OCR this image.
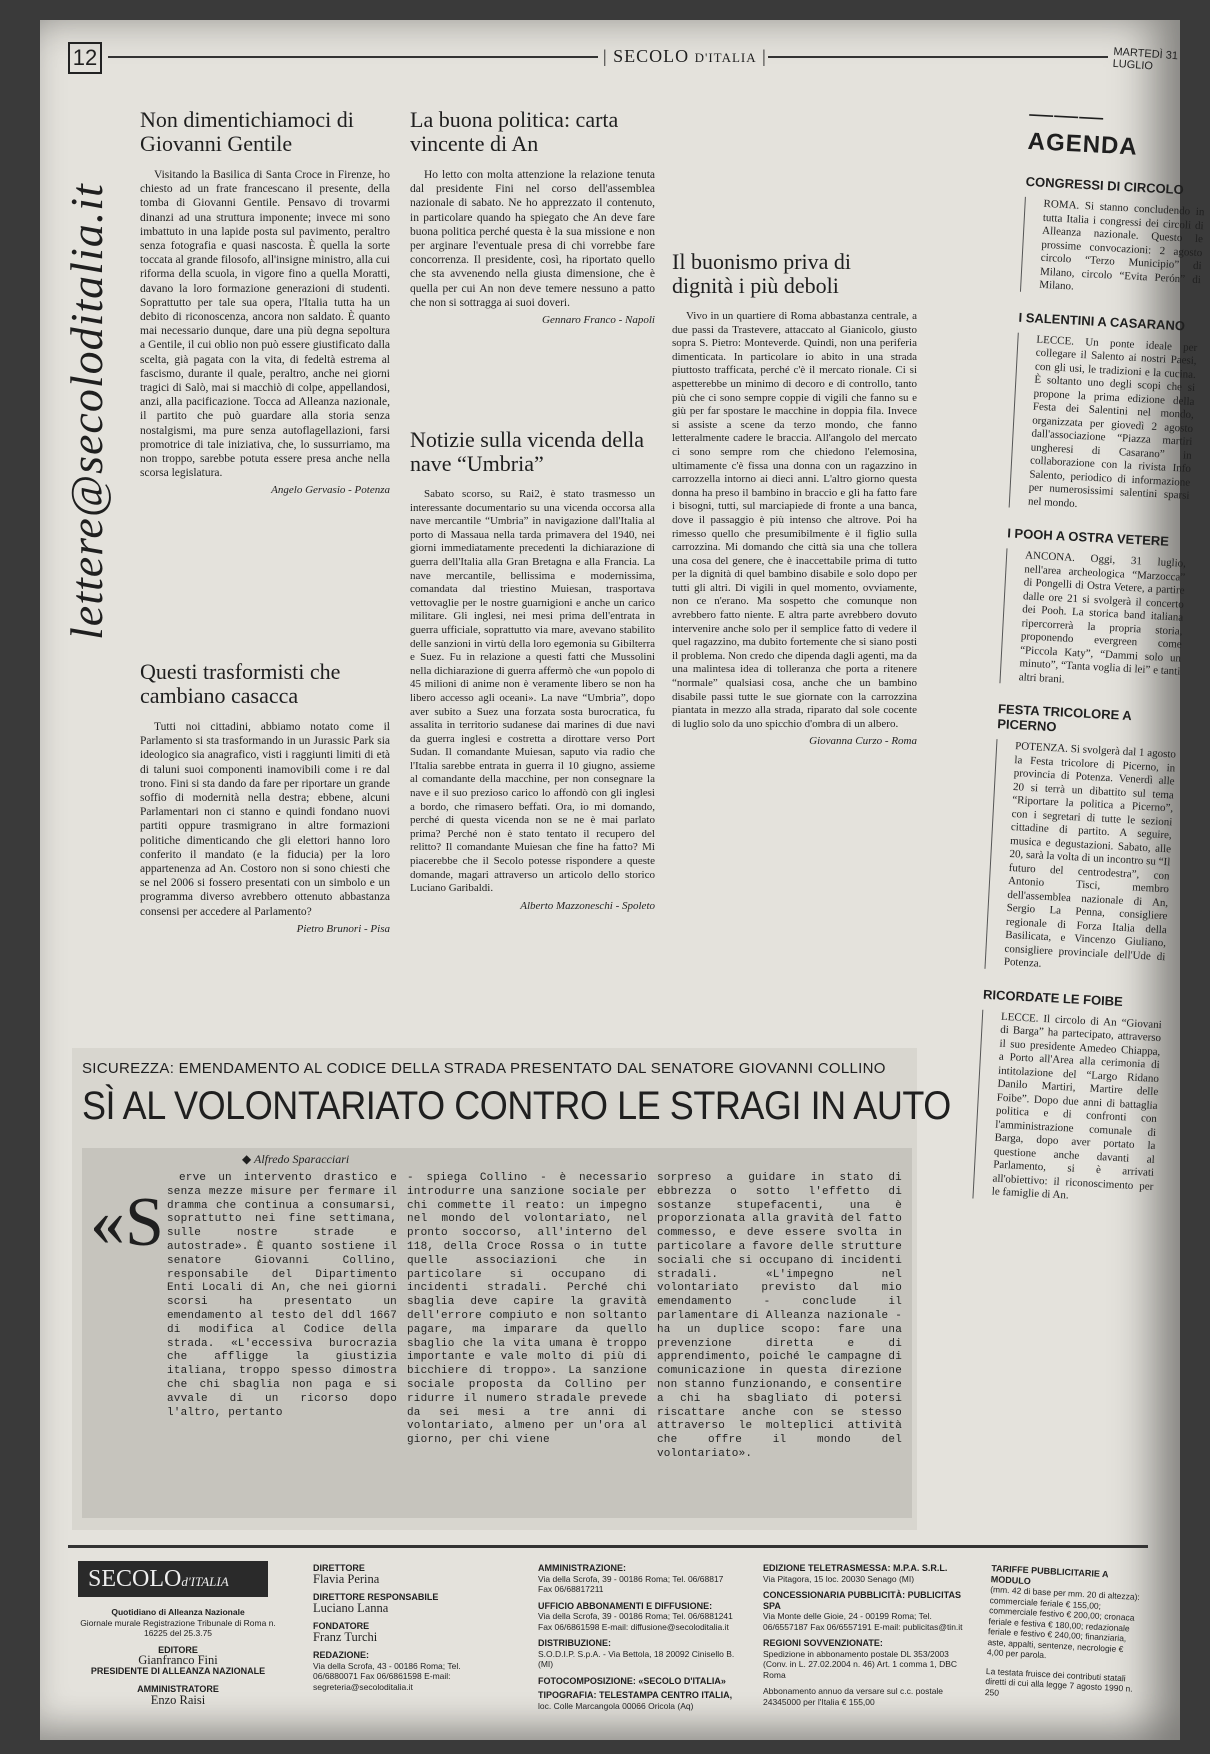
12	| SECOLO D'ITALIA |	MARTEDÌ 31 LUGLIO
lettere@secoloditalia.it
Non dimentichiamoci di Giovanni Gentile

Visitando la Basilica di Santa Croce in Firenze, ho chiesto ad un frate francescano il presente, della tomba di Giovanni Gentile. Pensavo di trovarmi dinanzi ad una struttura imponente; invece mi sono imbattuto in una lapide posta sul pavimento, peraltro senza fotografia e quasi nascosta. È quella la sorte toccata al grande filosofo, all'insigne ministro, alla cui riforma della scuola, in vigore fino a quella Moratti, davano la loro formazione generazioni di studenti. Soprattutto per tale sua opera, l'Italia tutta ha un debito di riconoscenza, ancora non saldato. È quanto mai necessario dunque, dare una più degna sepoltura a Gentile, il cui oblio non può essere giustificato dalla scelta, già pagata con la vita, di fedeltà estrema al fascismo, durante il quale, peraltro, anche nei giorni tragici di Salò, mai si macchiò di colpe, appellandosi, anzi, alla pacificazione. Tocca ad Alleanza nazionale, il partito che può guardare alla storia senza nostalgismi, ma pure senza autoflagellazioni, farsi promotrice di tale iniziativa, che, lo sussurriamo, ma non troppo, sarebbe potuta essere presa anche nella scorsa legislatura.

Angelo Gervasio - Potenza
Questi trasformisti che cambiano casacca

Tutti noi cittadini, abbiamo notato come il Parlamento si sta trasformando in un Jurassic Park sia ideologico sia anagrafico, visti i raggiunti limiti di età di taluni suoi componenti inamovibili come i re dal trono. Fini si sta dando da fare per riportare un grande soffio di modernità nella destra; ebbene, alcuni Parlamentari non ci stanno e quindi fondano nuovi partiti oppure trasmigrano in altre formazioni politiche dimenticando che gli elettori hanno loro conferito il mandato (e la fiducia) per la loro appartenenza ad An. Costoro non si sono chiesti che se nel 2006 si fossero presentati con un simbolo e un programma diverso avrebbero ottenuto abbastanza consensi per accedere al Parlamento?

Pietro Brunori - Pisa
La buona politica: carta vincente di An

Ho letto con molta attenzione la relazione tenuta dal presidente Fini nel corso dell'assemblea nazionale di sabato. Ne ho apprezzato il contenuto, in particolare quando ha spiegato che An deve fare buona politica perché questa è la sua missione e non per arginare l'eventuale presa di chi vorrebbe fare concorrenza. Il presidente, così, ha riportato quello che sta avvenendo nella giusta dimensione, che è quella per cui An non deve temere nessuno a patto che non si sottragga ai suoi doveri.

Gennaro Franco - Napoli
Notizie sulla vicenda della nave “Umbria”

Sabato scorso, su Rai2, è stato trasmesso un interessante documentario su una vicenda occorsa alla nave mercantile “Umbria” in navigazione dall'Italia al porto di Massaua nella tarda primavera del 1940, nei giorni immediatamente precedenti la dichiarazione di guerra dell'Italia alla Gran Bretagna e alla Francia. La nave mercantile, bellissima e modernissima, comandata dal triestino Muiesan, trasportava vettovaglie per le nostre guarnigioni e anche un carico militare. Gli inglesi, nei mesi prima dell'entrata in guerra ufficiale, soprattutto via mare, avevano stabilito delle sanzioni in virtù della loro egemonia su Gibilterra e Suez. Fu in relazione a questi fatti che Mussolini nella dichiarazione di guerra affermò che «un popolo di 45 milioni di anime non è veramente libero se non ha libero accesso agli oceani». La nave “Umbria”, dopo aver subito a Suez una forzata sosta burocratica, fu assalita in territorio sudanese dai marines di due navi da guerra inglesi e costretta a dirottare verso Port Sudan. Il comandante Muiesan, saputo via radio che l'Italia sarebbe entrata in guerra il 10 giugno, assieme al comandante della macchine, per non consegnare la nave e il suo prezioso carico lo affondò con gli inglesi a bordo, che rimasero beffati. Ora, io mi domando, perché di questa vicenda non se ne è mai parlato prima? Perché non è stato tentato il recupero del relitto? Il comandante Muiesan che fine ha fatto? Mi piacerebbe che il Secolo potesse rispondere a queste domande, magari attraverso un articolo dello storico Luciano Garibaldi.

Alberto Mazzoneschi - Spoleto
Il buonismo priva di dignità i più deboli

Vivo in un quartiere di Roma abbastanza centrale, a due passi da Trastevere, attaccato al Gianicolo, giusto sopra S. Pietro: Monteverde. Quindi, non una periferia dimenticata. In particolare io abito in una strada piuttosto trafficata, perché c'è il mercato rionale. Ci si aspetterebbe un minimo di decoro e di controllo, tanto più che ci sono sempre coppie di vigili che fanno su e giù per far spostare le macchine in doppia fila. Invece si assiste a scene da terzo mondo, che fanno letteralmente cadere le braccia. All'angolo del mercato ci sono sempre rom che chiedono l'elemosina, ultimamente c'è fissa una donna con un ragazzino in carrozzella intorno ai dieci anni. L'altro giorno questa donna ha preso il bambino in braccio e gli ha fatto fare i bisogni, tutti, sul marciapiede di fronte a una banca, dove il passaggio è più intenso che altrove. Poi ha rimesso quello che presumibilmente è il figlio sulla carrozzina. Mi domando che città sia una che tollera una cosa del genere, che è inaccettabile prima di tutto per la dignità di quel bambino disabile e solo dopo per tutti gli altri. Di vigili in quel momento, ovviamente, non ce n'erano. Ma sospetto che comunque non avrebbero fatto niente. E altra parte avrebbero dovuto intervenire anche solo per il semplice fatto di vedere il quel ragazzino, ma dubito fortemente che si siano posti il problema. Non credo che dipenda dagli agenti, ma da una malintesa idea di tolleranza che porta a ritenere “normale” qualsiasi cosa, anche che un bambino disabile passi tutte le sue giornate con la carrozzina piantata in mezzo alla strada, riparato dal sole cocente di luglio solo da uno spicchio d'ombra di un albero.

Giovanna Curzo - Roma
——— AGENDA
CONGRESSI DI CIRCOLO

ROMA. Si stanno concludendo in tutta Italia i congressi dei circoli di Alleanza nazionale. Questo le prossime convocazioni: 2 agosto circolo “Terzo Municipio” di Milano, circolo “Evita Perón” di Milano.

I SALENTINI A CASARANO

LECCE. Un ponte ideale per collegare il Salento ai nostri Paesi, con gli usi, le tradizioni e la cucina. È soltanto uno degli scopi che si propone la prima edizione della Festa dei Salentini nel mondo, organizzata per giovedì 2 agosto dall'associazione “Piazza martiri ungheresi di Casarano” in collaborazione con la rivista Info Salento, periodico di informazione per numerosissimi salentini sparsi nel mondo.

I POOH A OSTRA VETERE

ANCONA. Oggi, 31 luglio, nell'area archeologica “Marzocca” di Pongelli di Ostra Vetere, a partire dalle ore 21 si svolgerà il concerto dei Pooh. La storica band italiana ripercorrerà la propria storia, proponendo evergreen come “Piccola Katy”, “Dammi solo un minuto”, “Tanta voglia di lei” e tanti altri brani.

FESTA TRICOLORE A PICERNO

POTENZA. Si svolgerà dal 1 agosto la Festa tricolore di Picerno, in provincia di Potenza. Venerdì alle 20 si terrà un dibattito sul tema “Riportare la politica a Picerno”, con i segretari di tutte le sezioni cittadine di partito. A seguire, musica e degustazioni. Sabato, alle 20, sarà la volta di un incontro su “Il futuro del centrodestra”, con Antonio Tisci, membro dell'assemblea nazionale di An, Sergio La Penna, consigliere regionale di Forza Italia della Basilicata, e Vincenzo Giuliano, consigliere provinciale dell'Ude di Potenza.

RICORDATE LE FOIBE

LECCE. Il circolo di An “Giovani di Barga” ha partecipato, attraverso il suo presidente Amedeo Chiappa, a Porto all'Area alla cerimonia di intitolazione del “Largo Ridano Danilo Martiri, Martire delle Foibe”. Dopo due anni di battaglia politica e di confronti con l'amministrazione comunale di Barga, dopo aver portato la questione anche davanti al Parlamento, si è arrivati all'obiettivo: il riconoscimento per le famiglie di An.

SICUREZZA: EMENDAMENTO AL CODICE DELLA STRADA PRESENTATO DAL SENATORE GIOVANNI COLLINO
SÌ AL VOLONTARIATO CONTRO LE STRAGI IN AUTO
◆ Alfredo Sparacciari
«S

erve un intervento drastico e senza mezze misure per fermare il dramma che continua a consumarsi, soprattutto nei fine settimana, sulle nostre strade e autostrade». È quanto sostiene il senatore Giovanni Collino, responsabile del Dipartimento Enti Locali di An, che nei giorni scorsi ha presentato un emendamento al testo del ddl 1667 di modifica al Codice della strada. «L'eccessiva burocrazia che affligge la giustizia italiana, troppo spesso dimostra che chi sbaglia non paga e si avvale di un ricorso dopo l'altro, pertanto

- spiega Collino - è necessario introdurre una sanzione sociale per chi commette il reato: un impegno nel mondo del volontariato, nel pronto soccorso, all'interno del 118, della Croce Rossa o in tutte quelle associazioni che in particolare si occupano di incidenti stradali. Perché chi sbaglia deve capire la gravità dell'errore compiuto e non soltanto pagare, ma imparare da quello sbaglio che la vita umana è troppo importante e vale molto di più di bicchiere di troppo». La sanzione sociale proposta da Collino per ridurre il numero stradale prevede da sei mesi a tre anni di volontariato, almeno per un'ora al giorno, per chi viene

sorpreso a guidare in stato di ebbrezza o sotto l'effetto di sostanze stupefacenti, una è proporzionata alla gravità del fatto commesso, e deve essere svolta in particolare a favore delle strutture sociali che si occupano di incidenti stradali. «L'impegno nel volontariato previsto dal mio emendamento - conclude il parlamentare di Alleanza nazionale - ha un duplice scopo: fare una prevenzione diretta e di apprendimento, poiché le campagne di comunicazione in questa direzione non stanno funzionando, e consentire a chi ha sbagliato di potersi riscattare anche con se stesso attraverso le molteplici attività che offre il mondo del volontariato».

SECOLOd'ITALIA
Quotidiano di Alleanza Nazionale
Giornale murale Registrazione Tribunale di Roma n. 16225 del 25.3.75
EDITORE
Gianfranco Fini
PRESIDENTE DI ALLEANZA NAZIONALE
AMMINISTRATORE
Enzo Raisi
DIRETTORE
Flavia Perina
DIRETTORE RESPONSABILE
Luciano Lanna
FONDATORE
Franz Turchi
REDAZIONE:
Via della Scrofa, 43 - 00186 Roma; Tel. 06/6880071 Fax 06/6861598 E-mail: segreteria@secoloditalia.it
AMMINISTRAZIONE:
Via della Scrofa, 39 - 00186 Roma; Tel. 06/68817 Fax 06/68817211
UFFICIO ABBONAMENTI E DIFFUSIONE:
Via della Scrofa, 39 - 00186 Roma; Tel. 06/6881241 Fax 06/6861598 E-mail: diffusione@secoloditalia.it
DISTRIBUZIONE:
S.O.D.I.P. S.p.A. - Via Bettola, 18 20092 Cinisello B. (MI)
FOTOCOMPOSIZIONE: «SECOLO D'ITALIA»
TIPOGRAFIA: TELESTAMPA CENTRO ITALIA,
loc. Colle Marcangola 00066 Oricola (Aq)
EDIZIONE TELETRASMESSA: M.P.A. S.R.L.
Via Pitagora, 15 loc. 20030 Senago (MI)
CONCESSIONARIA PUBBLICITÀ: PUBLICITAS SPA
Via Monte delle Gioie, 24 - 00199 Roma; Tel. 06/6557187 Fax 06/6557191 E-mail: publicitas@tin.it
REGIONI SOVVENZIONATE:
Spedizione in abbonamento postale DL 353/2003 (Conv. in L. 27.02.2004 n. 46) Art. 1 comma 1, DBC Roma
Abbonamento annuo da versare sul c.c. postale 24345000 per l'Italia € 155,00
TARIFFE PUBBLICITARIE A MODULO
(mm. 42 di base per mm. 20 di altezza): commerciale feriale € 155,00; commerciale festivo € 200,00; cronaca feriale e festiva € 180,00; redazionale feriale e festivo € 240,00; finanziaria, aste, appalti, sentenze, necrologie € 4,00 per parola.
La testata fruisce dei contributi statali diretti di cui alla legge 7 agosto 1990 n. 250
